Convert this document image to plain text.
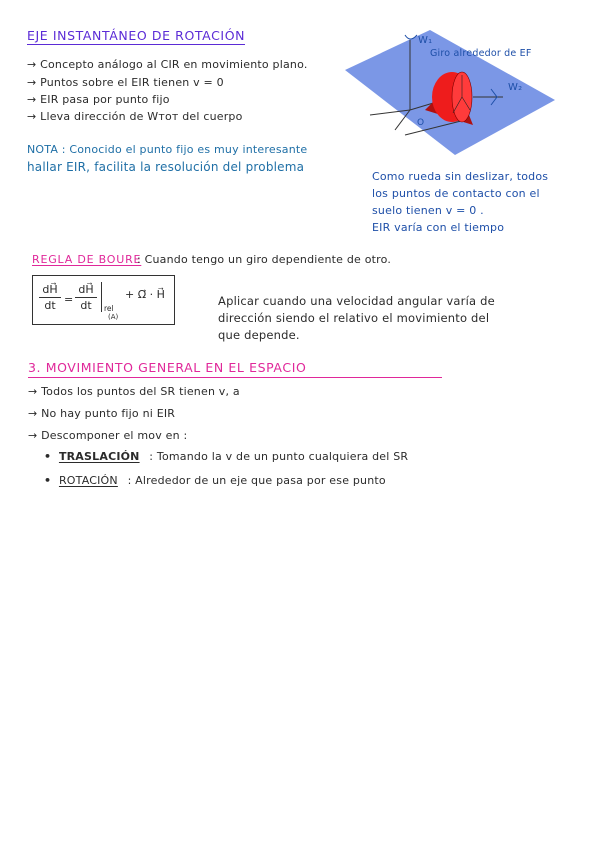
EJE INSTANTÁNEO DE ROTACIÓN
→ Concepto análogo al CIR en movimiento plano.
→ Puntos sobre el EIR tienen v = 0
→ EIR pasa por punto fijo
→ Lleva dirección de Wтот del cuerpo
NOTA : Conocido el punto fijo es muy interesante
hallar EIR, facilita la resolución del problema
W₁
Giro alrededor de EF
W₂
O
Como rueda sin deslizar, todos
los puntos de contacto con el
suelo tienen v = 0 .
EIR varía con el tiempo
REGLA DE BOURE
: Cuando tengo un giro dependiente de otro.
dH⃗
dt =
dH⃗
dt	rel
(A)
+ Ω⃗ · H⃗	Aplicar cuando una velocidad angular varía de
dirección siendo el relativo el movimiento del
que depende.
3. MOVIMIENTO GENERAL EN EL ESPACIO
→ Todos los puntos del SR tienen v, a
→ No hay punto fijo ni EIR
→ Descomponer el mov en :
• TRASLACIÓN : Tomando la v de un punto cualquiera del SR
• ROTACIÓN : Alrededor de un eje que pasa por ese punto
